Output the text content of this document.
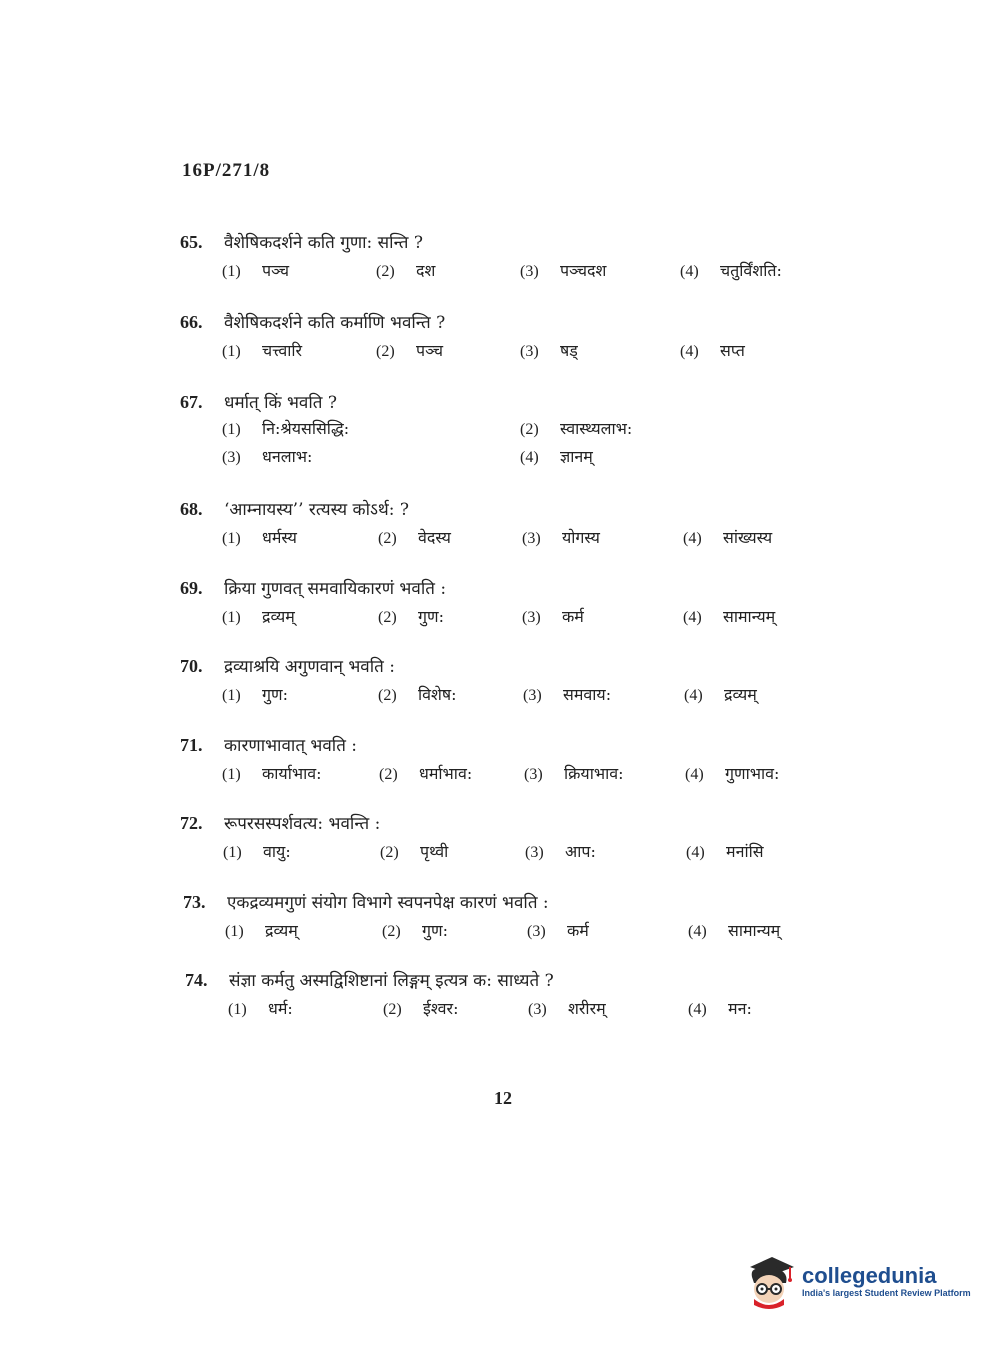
16P/271/8
65.	वैशेषिकदर्शने कति गुणा: सन्ति ?
(1) पञ्च	(2) दश	(3) पञ्चदश	(4) चतुर्विंशति:
66.	वैशेषिकदर्शने कति कर्माणि भवन्ति ?
(1) चत्त्वारि	(2) पञ्च	(3) षड्	(4) सप्त
67.	धर्मात् किं भवति ?
(1) नि:श्रेयससिद्धि:	(2) स्वास्थ्यलाभ:
(3) धनलाभ:	(4) ज्ञानम्
68.	‘आम्नायस्य’’ रत्यस्य कोऽर्थ: ?
(1) धर्मस्य	(2) वेदस्य	(3) योगस्य	(4) सांख्यस्य
69.	क्रिया गुणवत् समवायिकारणं भवति :
(1) द्रव्यम्	(2) गुण:	(3) कर्म	(4) सामान्यम्
70.	द्रव्याश्रयि अगुणवान् भवति :
(1) गुण:	(2) विशेष:	(3) समवाय:	(4) द्रव्यम्
71.	कारणाभावात् भवति :
(1) कार्याभाव:	(2) धर्माभाव:	(3) क्रियाभाव:	(4) गुणाभाव:
72.	रूपरसस्पर्शवत्य: भवन्ति :
(1) वायु:	(2) पृथ्वी	(3) आप:	(4) मनांसि
73.	एकद्रव्यमगुणं संयोग विभागे स्वपनपेक्ष कारणं भवति :
(1) द्रव्यम्	(2) गुण:	(3) कर्म	(4) सामान्यम्
74.	संज्ञा कर्मतु अस्मद्विशिष्टानां लिङ्गम् इत्यत्र क: साध्यते ?
(1) धर्म:	(2) ईश्वर:	(3) शरीरम्	(4) मन:
12
collegedunia
India's largest Student Review Platform
